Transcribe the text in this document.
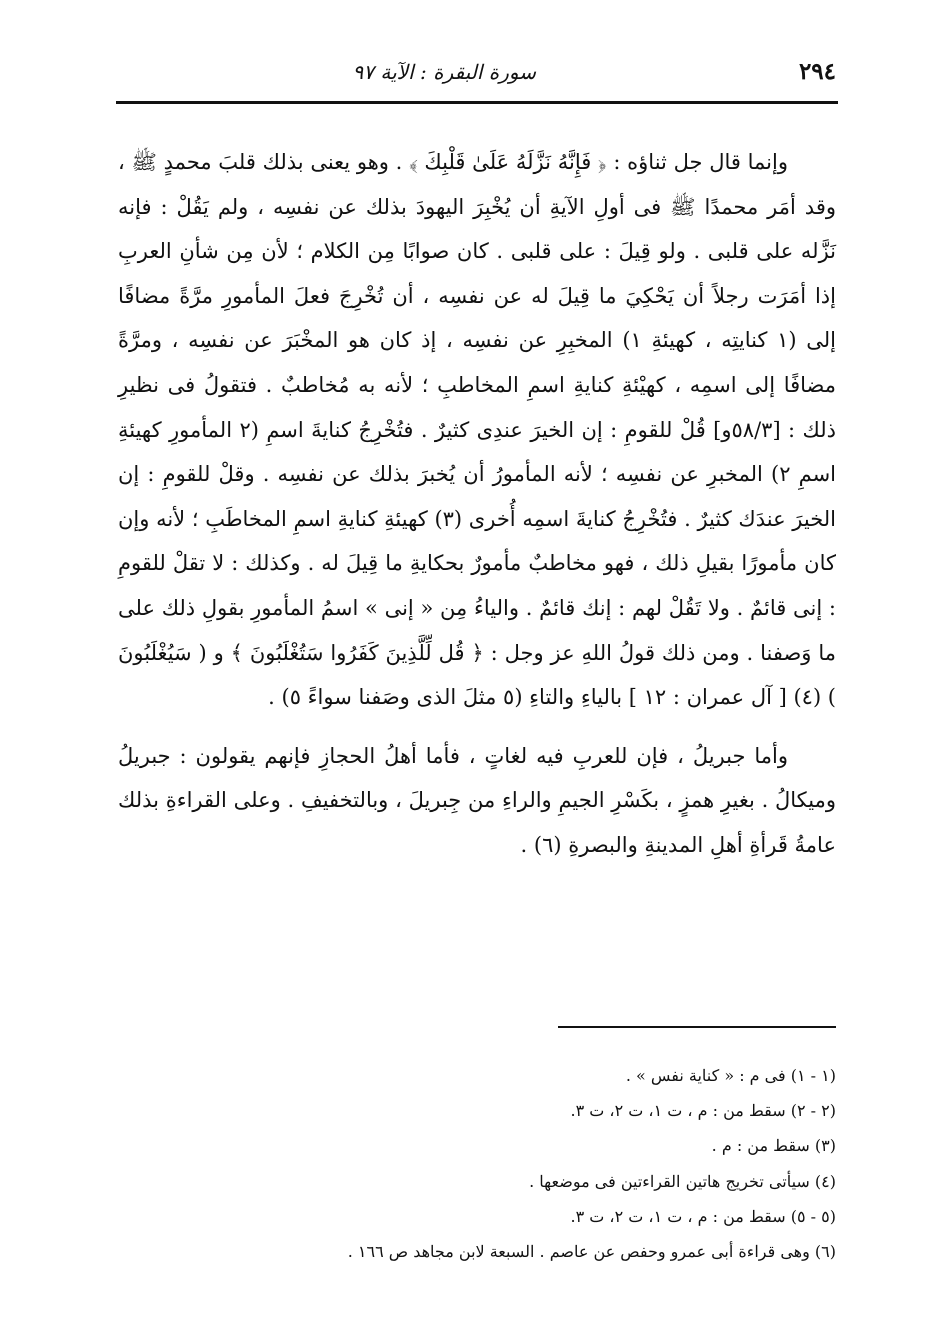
٢٩٤
سورة البقرة : الآية ٩٧

وإنما قال جل ثناؤه : ﴿ فَإِنَّهُ نَزَّلَهُ عَلَىٰ قَلْبِكَ ﴾ . وهو يعنى بذلك قلبَ محمدٍ ﷺ ، وقد أمَر محمدًا ﷺ فى أولِ الآيةِ أن يُخْبِرَ اليهودَ بذلك عن نفسِه ، ولم يَقُلْ : فإنه نَزَّله على قلبى . ولو قِيلَ : على قلبى . كان صوابًا مِن الكلام ؛ لأن مِن شأنِ العربِ إذا أمَرَت رجلاً أن يَحْكِيَ ما قِيلَ له عن نفسِه ، أن تُخْرِجَ فعلَ المأمورِ مرَّةً مضافًا إلى (١ كنايتِه ، كهيئةِ ١) المخبِرِ عن نفسِه ، إذ كان هو المخْبَرَ عن نفسِه ، ومرَّةً مضافًا إلى اسمِه ، كهيْئةِ كنايةِ اسمِ المخاطبِ ؛ لأنه به مُخاطبٌ . فتقولُ فى نظيرِ ذلك : [٥٨/٣و] قُلْ للقومِ : إن الخيرَ عندِى كثيرٌ . فتُخْرِجُ كنايةَ اسمِ (٢ المأمورِ كهيئةِ اسمِ ٢) المخبرِ عن نفسِه ؛ لأنه المأمورُ أن يُخبرَ بذلك عن نفسِه . وقلْ للقومِ : إن الخيرَ عندَك كثيرٌ . فتُخْرِجُ كنايةَ اسمِه أُخرى (٣) كهيئةِ كنايةِ اسمِ المخاطَبِ ؛ لأنه وإن كان مأمورًا بقيلِ ذلك ، فهو مخاطبٌ مأمورٌ بحكايةِ ما قِيلَ له . وكذلك : لا تقلْ للقومِ : إنى قائمٌ . ولا تَقُلْ لهم : إنك قائمٌ . والياءُ مِن « إنى » اسمُ المأمورِ بقولِ ذلك على ما وَصفنا . ومن ذلك قولُ اللهِ عز وجل : ﴿ قُل لِّلَّذِينَ كَفَرُوا سَتُغْلَبُونَ ﴾ و ( سَيُغْلَبُونَ ) (٤) [ آل عمران : ١٢ ] بالياءِ والتاءِ (٥ مثلَ الذى وصَفنا سواءً ٥) .

وأما جبريلُ ، فإن للعربِ فيه لغاتٍ ، فأما أهلُ الحجازِ فإنهم يقولون : جبريلُ وميكالُ . بغيرِ همزٍ ، بكَسْرِ الجيمِ والراءِ من جِبريلَ ، وبالتخفيفِ . وعلى القراءةِ بذلك عامةُ قَرأةِ أهلِ المدينةِ والبصرةِ (٦) .

(١ - ١) فى م : « كناية نفس » .
(٢ - ٢) سقط من : م ، ت ١، ت ٢، ت ٣.
(٣) سقط من : م .
(٤) سيأتى تخريج هاتين القراءتين فى موضعها .
(٥ - ٥) سقط من : م ، ت ١، ت ٢، ت ٣.
(٦) وهى قراءة أبى عمرو وحفص عن عاصم . السبعة لابن مجاهد ص ١٦٦ .
